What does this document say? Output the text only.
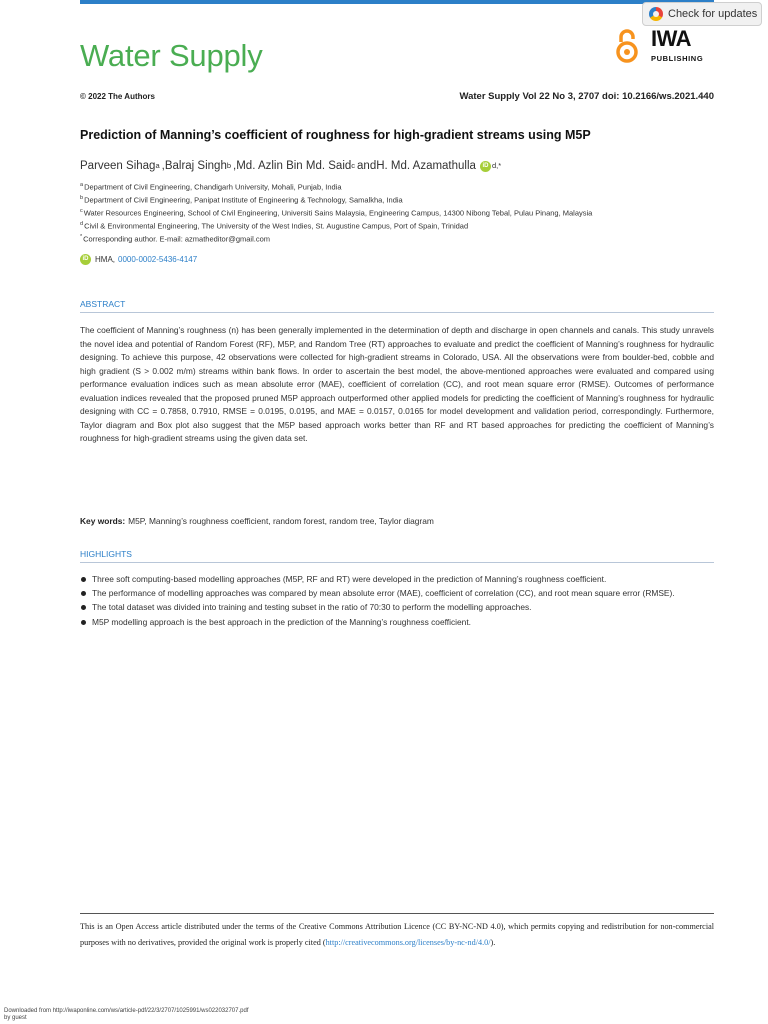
Check for updates
Water Supply	IWA
PUBLISHING
© 2022 The Authors	Water Supply Vol 22 No 3, 2707 doi: 10.2166/ws.2021.440
Prediction of Manning’s coefficient of roughness for high-gradient streams using M5P
Parveen Sihag$^a$ , Balraj Singh$^b$ , Md. Azlin Bin Md. Said$^c$ and H. Md. Azamathulla	iD $^{d,*}$
$^a$Department of Civil Engineering, Chandigarh University, Mohali, Punjab, India
$^b$Department of Civil Engineering, Panipat Institute of Engineering & Technology, Samalkha, India
$^c$Water Resources Engineering, School of Civil Engineering, Universiti Sains Malaysia, Engineering Campus, 14300 Nibong Tebal, Pulau Pinang, Malaysia
$^d$Civil & Environmental Engineering, The University of the West Indies, St. Augustine Campus, Port of Spain, Trinidad
*Corresponding author. E-mail: azmatheditor@gmail.com
iD HMA, 0000-0002-5436-4147
ABSTRACT

The coefficient of Manning’s roughness (n) has been generally implemented in the determination of depth and discharge in open channels and canals. This study unravels the novel idea and potential of Random Forest (RF), M5P, and Random Tree (RT) approaches to evaluate and predict the coefficient of Manning’s roughness for hydraulic designing. To achieve this purpose, 42 observations were collected for high-gradient streams in Colorado, USA. All the observations were from boulder-bed, cobble and high gradient (S > 0.002 m/m) streams within bank flows. In order to ascertain the best model, the above-mentioned approaches were evaluated and compared using performance evaluation indices such as mean absolute error (MAE), coefficient of correlation (CC), and root mean square error (RMSE). Outcomes of performance evaluation indices revealed that the proposed pruned M5P approach outperformed other applied models for predicting the coefficient of Manning’s roughness for hydraulic designing with CC = 0.7858, 0.7910, RMSE = 0.0195, 0.0195, and MAE = 0.0157, 0.0165 for model development and validation period, correspondingly. Furthermore, Taylor diagram and Box plot also suggest that the M5P based approach works better than RF and RT based approaches for predicting the coefficient of Manning’s roughness for high-gradient streams using the given data set.

Key words: M5P, Manning’s roughness coefficient, random forest, random tree, Taylor diagram
HIGHLIGHTS
Three soft computing-based modelling approaches (M5P, RF and RT) were developed in the prediction of Manning’s roughness coefficient.
The performance of modelling approaches was compared by mean absolute error (MAE), coefficient of correlation (CC), and root mean square error (RMSE).
The total dataset was divided into training and testing subset in the ratio of 70:30 to perform the modelling approaches.
M5P modelling approach is the best approach in the prediction of the Manning’s roughness coefficient.

This is an Open Access article distributed under the terms of the Creative Commons Attribution Licence (CC BY-NC-ND 4.0), which permits copying and redistribution for non-commercial purposes with no derivatives, provided the original work is properly cited (http://creativecommons.org/licenses/by-nc-nd/4.0/).

Downloaded from http://iwaponline.com/ws/article-pdf/22/3/2707/1025991/ws022032707.pdf
by guest
